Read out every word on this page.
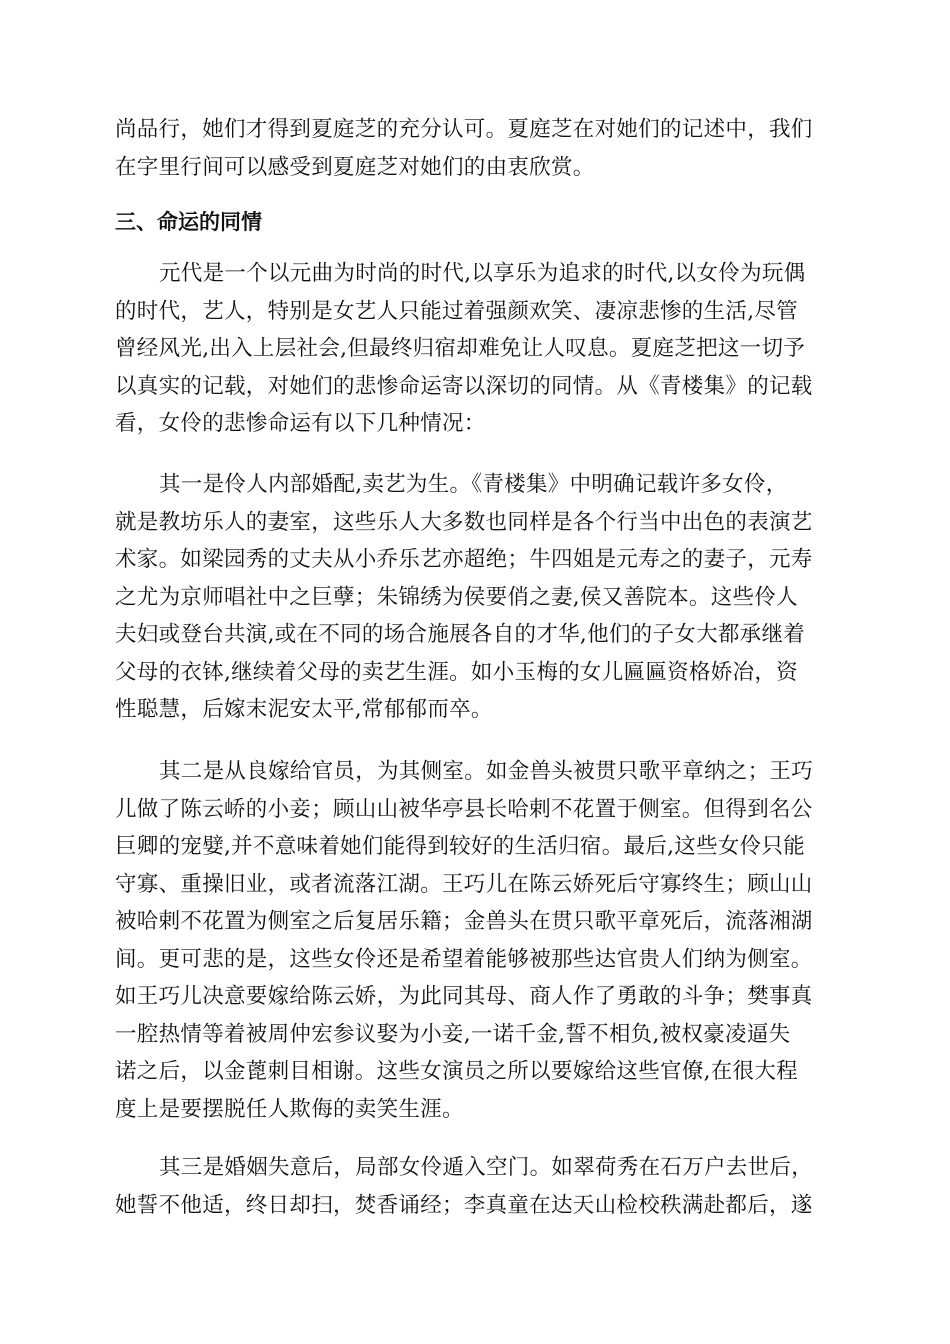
尚品行，她们才得到夏庭芝的充分认可。夏庭芝在对她们的记述中，我们
在字里行间可以感受到夏庭芝对她们的由衷欣赏。
三、命运的同情
元代是一个以元曲为时尚的时代,以享乐为追求的时代,以女伶为玩偶
的时代，艺人，特别是女艺人只能过着强颜欢笑、凄凉悲惨的生活,尽管
曾经风光,出入上层社会,但最终归宿却难免让人叹息。夏庭芝把这一切予
以真实的记载，对她们的悲惨命运寄以深切的同情。从《青楼集》的记载
看，女伶的悲惨命运有以下几种情况：
其一是伶人内部婚配,卖艺为生。《青楼集》中明确记载许多女伶，
就是教坊乐人的妻室，这些乐人大多数也同样是各个行当中出色的表演艺
术家。如梁园秀的丈夫从小乔乐艺亦超绝；牛四姐是元寿之的妻子，元寿
之尤为京师唱社中之巨孽；朱锦绣为侯要俏之妻,侯又善院本。这些伶人
夫妇或登台共演,或在不同的场合施展各自的才华,他们的子女大都承继着
父母的衣钵,继续着父母的卖艺生涯。如小玉梅的女儿匾匾资格娇冶，资
性聪慧，后嫁末泥安太平,常郁郁而卒。
其二是从良嫁给官员，为其侧室。如金兽头被贯只歌平章纳之；王巧
儿做了陈云峤的小妾；顾山山被华亭县长哈剌不花置于侧室。但得到名公
巨卿的宠嬖,并不意味着她们能得到较好的生活归宿。最后,这些女伶只能
守寡、重操旧业，或者流落江湖。王巧儿在陈云娇死后守寡终生；顾山山
被哈剌不花置为侧室之后复居乐籍；金兽头在贯只歌平章死后，流落湘湖
间。更可悲的是，这些女伶还是希望着能够被那些达官贵人们纳为侧室。
如王巧儿决意要嫁给陈云娇，为此同其母、商人作了勇敢的斗争；樊事真
一腔热情等着被周仲宏参议娶为小妾,一诺千金,誓不相负,被权豪凌逼失
诺之后，以金蓖刺目相谢。这些女演员之所以要嫁给这些官僚,在很大程
度上是要摆脱任人欺侮的卖笑生涯。
其三是婚姻失意后，局部女伶遁入空门。如翠荷秀在石万户去世后，
她誓不他适，终日却扫，焚香诵经；李真童在达天山检校秩满赴都后，遂
